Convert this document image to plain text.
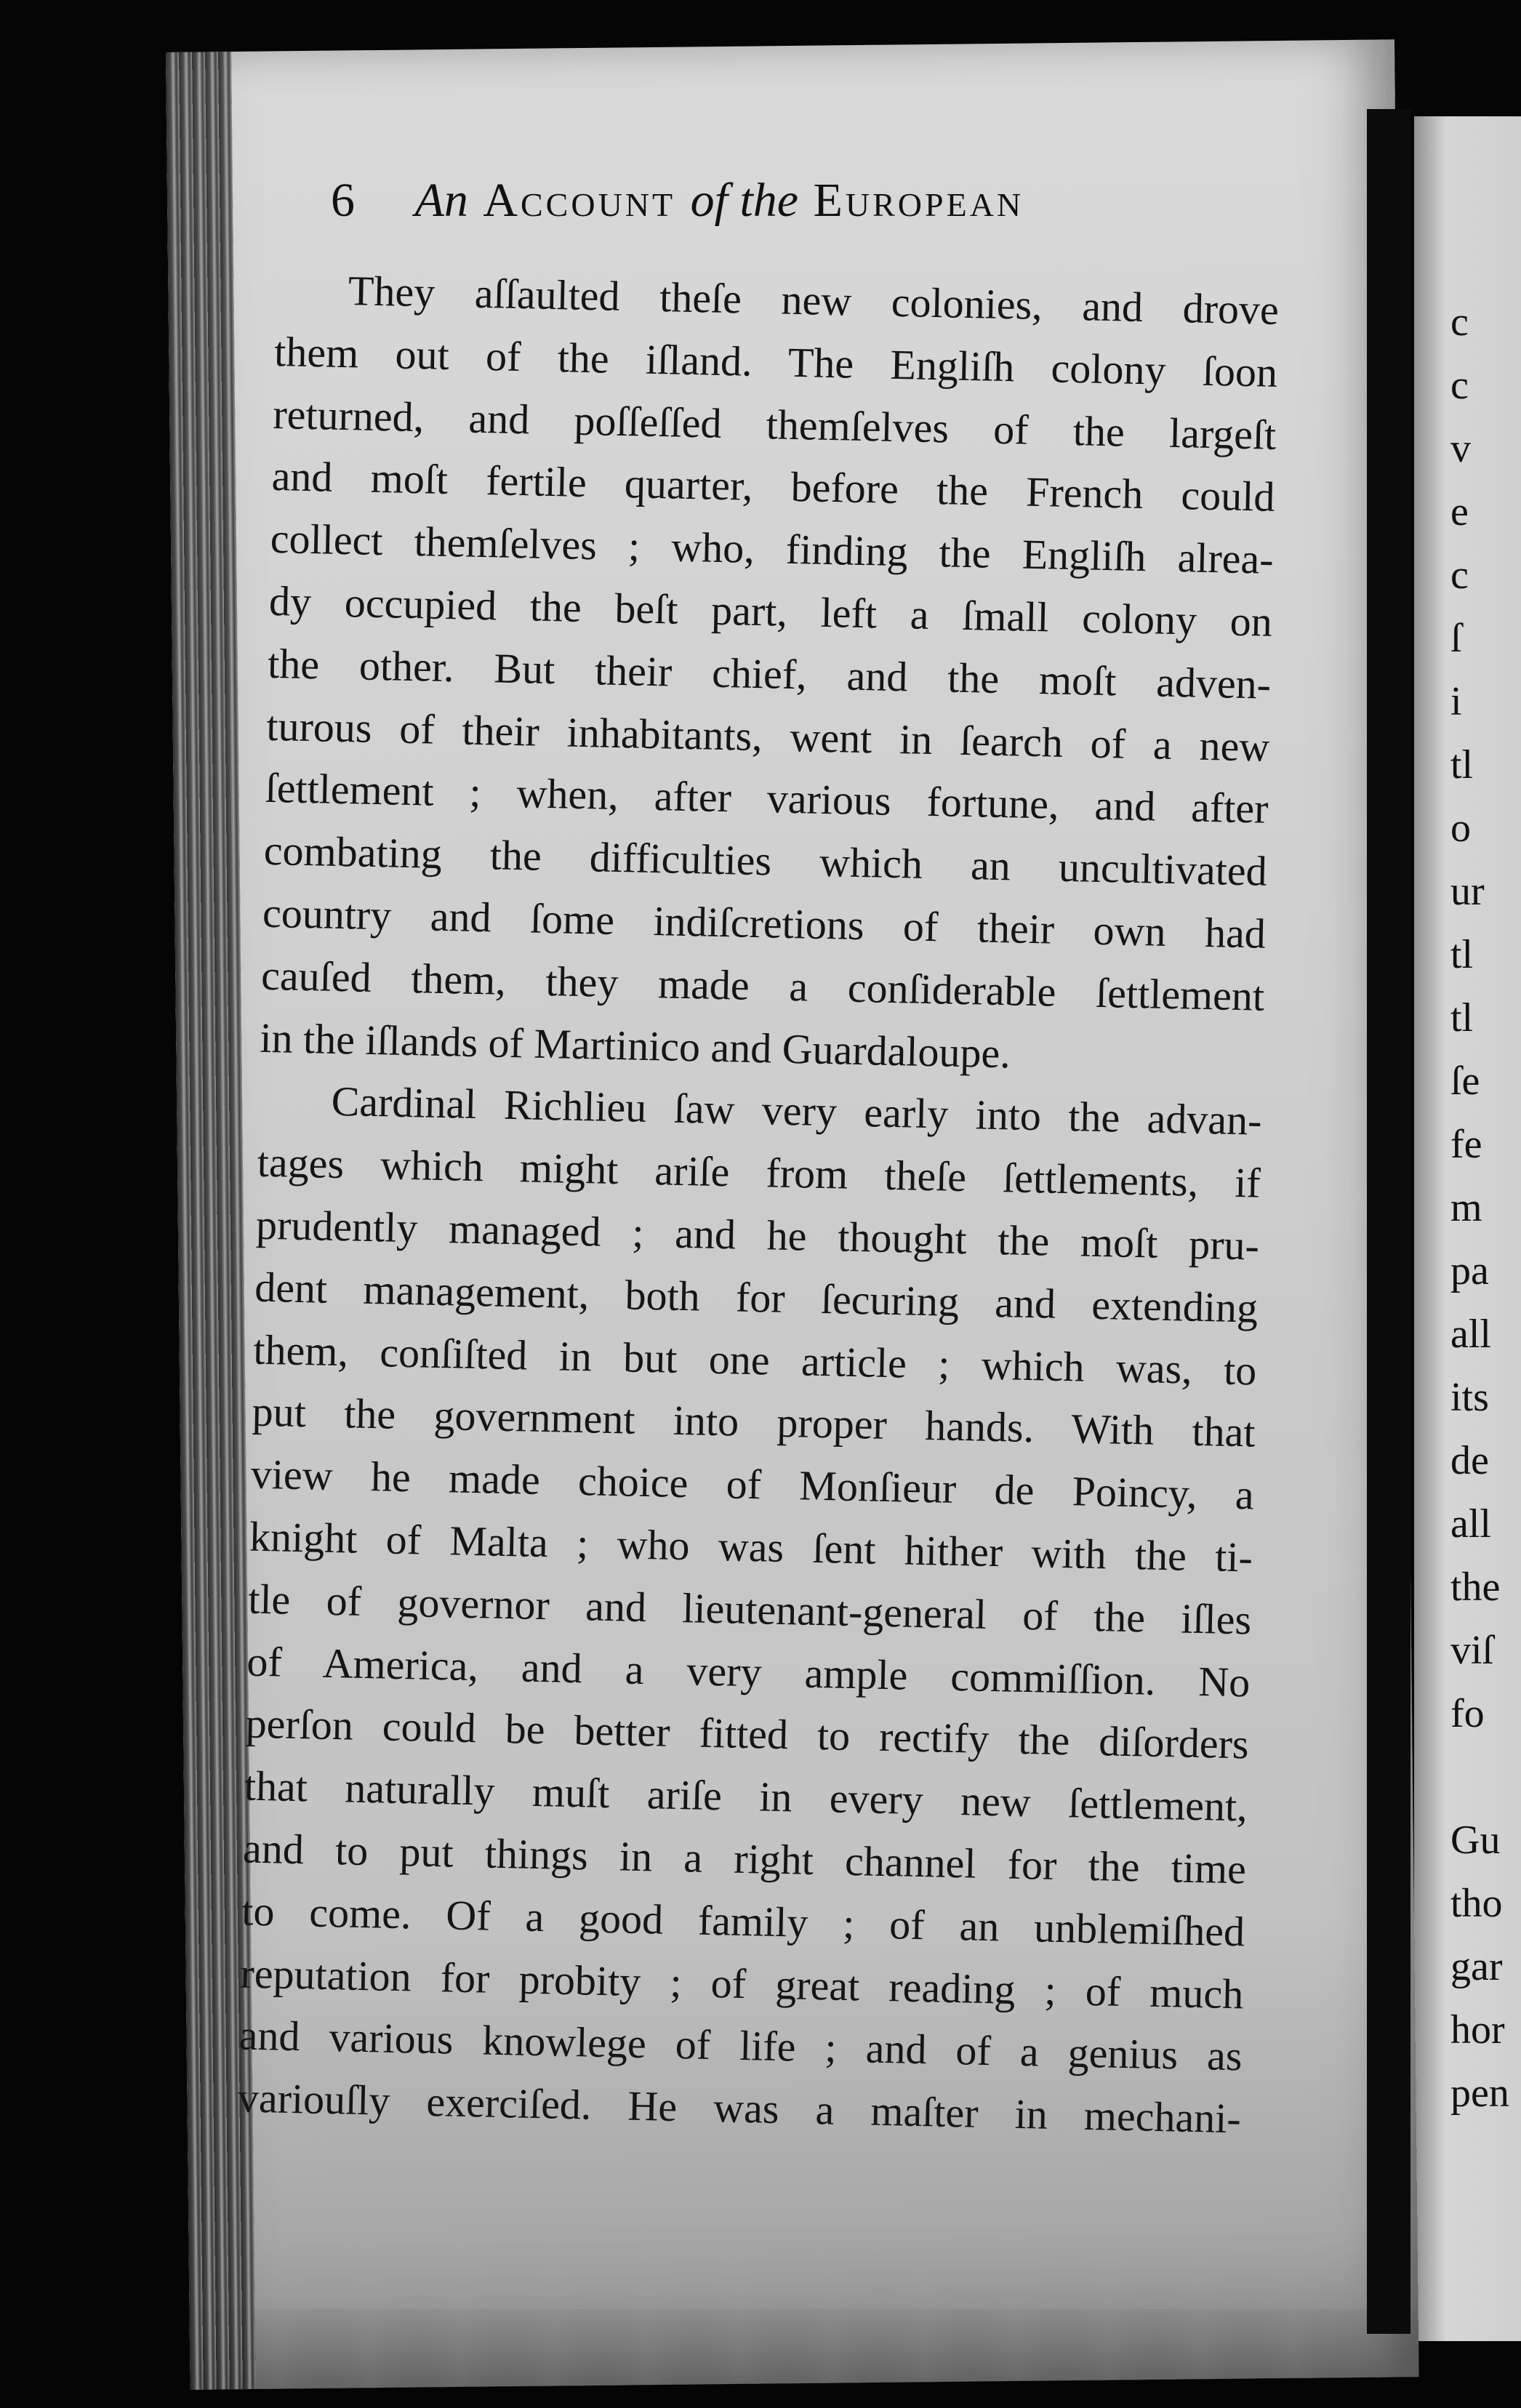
c
c
v
e
c
ſ
i
tl
o
ur
tl
tl
ſe
fe
m
pa
all
its
de
all
the
viſ
fo

Gu
tho
gar
hor
pen
6 An Account of the European
They aſſaulted theſe new colonies, and drove
them out of the iſland. The Engliſh colony ſoon
returned, and poſſeſſed themſelves of the largeſt
and moſt fertile quarter, before the French could
collect themſelves ; who, finding the Engliſh alrea-
dy occupied the beſt part, left a ſmall colony on
the other. But their chief, and the moſt adven-
turous of their inhabitants, went in ſearch of a new
ſettlement ; when, after various fortune, and after
combating the difficulties which an uncultivated
country and ſome indiſcretions of their own had
cauſed them, they made a conſiderable ſettlement
in the iſlands of Martinico and Guardaloupe.
Cardinal Richlieu ſaw very early into the advan-
tages which might ariſe from theſe ſettlements, if
prudently managed ; and he thought the moſt pru-
dent management, both for ſecuring and extending
them, conſiſted in but one article ; which was, to
put the government into proper hands. With that
view he made choice of Monſieur de Poincy, a
knight of Malta ; who was ſent hither with the ti-
tle of governor and lieutenant-general of the iſles
of America, and a very ample commiſſion. No
perſon could be better fitted to rectify the diſorders
that naturally muſt ariſe in every new ſettlement,
and to put things in a right channel for the time
to come. Of a good family ; of an unblemiſhed
reputation for probity ; of great reading ; of much
and various knowlege of life ; and of a genius as
variouſly exerciſed. He was a maſter in mechani-
